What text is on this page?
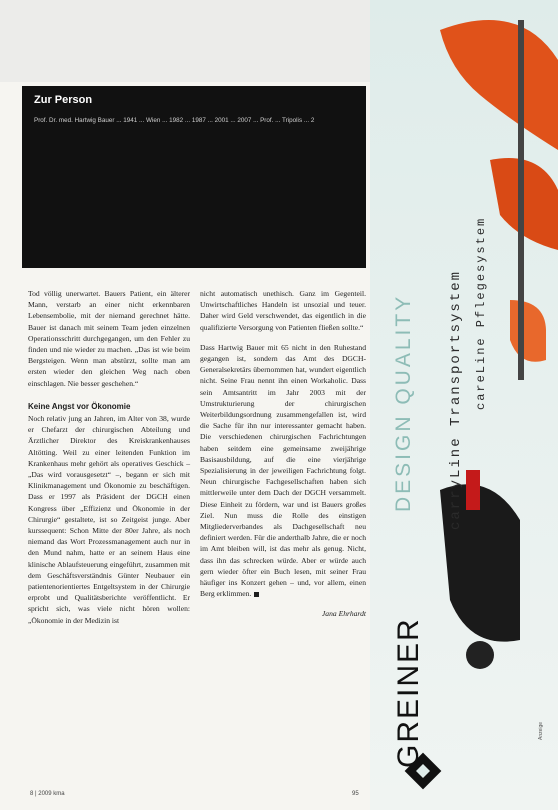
Zur Person

Prof. Dr. med. Hartwig Bauer ... 1941 ... Wien ... 1982 ... 1987 ... 2001 ... 2007 ... Prof. ... Tripolis ... 2

Tod völlig unerwartet. Bauers Patient, ein älterer Mann, verstarb an einer nicht erkennbaren Lebensembolie, mit der niemand gerechnet hätte. Bauer ist danach mit seinem Team jeden einzelnen Operationsschritt durchgegangen, um den Fehler zu finden und nie wieder zu machen. „Das ist wie beim Bergsteigen. Wenn man abstürzt, sollte man am ersten wieder den gleichen Weg nach oben einschlagen. Nie besser geschehen.“

Keine Angst vor Ökonomie

Noch relativ jung an Jahren, im Alter von 38, wurde er Chefarzt der chirurgischen Abteilung und Ärztlicher Direktor des Kreiskrankenhauses Altötting. Weil zu einer leitenden Funktion im Krankenhaus mehr gehört als operatives Geschick – „Das wird vorausgesetzt“ –, begann er sich mit Klinikmanagement und Ökonomie zu beschäftigen. Dass er 1997 als Präsident der DGCH einen Kongress über „Effizienz und Ökonomie in der Chirurgie“ gestaltete, ist so Zeitgeist junge. Aber kurssequent: Schon Mitte der 80er Jahre, als noch niemand das Wort Prozessmanagement auch nur in den Mund nahm, hatte er an seinem Haus eine klinische Ablaufsteuerung eingeführt, zusammen mit dem Geschäftsverständnis Günter Neubauer ein patientenorientiertes Entgeltsystem in der Chirurgie erprobt und Qualitätsberichte veröffentlicht. Er spricht sich, was viele nicht hören wollen: „Ökonomie in der Medizin ist

nicht automatisch unethisch. Ganz im Gegenteil. Unwirtschaftliches Handeln ist unsozial und teuer. Daher wird Geld verschwendet, das eigentlich in die qualifizierte Versorgung von Patienten fließen sollte.“

Dass Hartwig Bauer mit 65 nicht in den Ruhestand gegangen ist, sondern das Amt des DGCH-Generalsekretärs übernommen hat, wundert eigentlich nicht. Seine Frau nennt ihn einen Workaholic. Dass sein Amtsantritt im Jahr 2003 mit der Umstrukturierung der chirurgischen Weiterbildungsordnung zusammengefallen ist, wird die Sache für ihn nur interessanter gemacht haben. Die verschiedenen chirurgischen Fachrichtungen haben seitdem eine gemeinsame zweijährige Basisausbildung, auf die eine vierjährige Spezialisierung in der jeweiligen Fachrichtung folgt. Neun chirurgische Fachgesellschaften haben sich mittlerweile unter dem Dach der DGCH versammelt. Diese Einheit zu fördern, war und ist Bauers großes Ziel. Nun muss die Rolle des einstigen Mitgliederverbandes als Dachgesellschaft neu definiert werden. Für die anderthalb Jahre, die er noch im Amt bleiben will, ist das mehr als genug. Nicht, dass ihn das schrecken würde. Aber er würde auch gern wieder öfter ein Buch lesen, mit seiner Frau häufiger ins Konzert gehen – und, vor allem, einen Berg erklimmen.

Jana Ehrhardt
8 | 2009 kma	95
DESIGN QUALITY carryLine Transportsystem careLine Pflegesystem
GREINER	Anzeige
